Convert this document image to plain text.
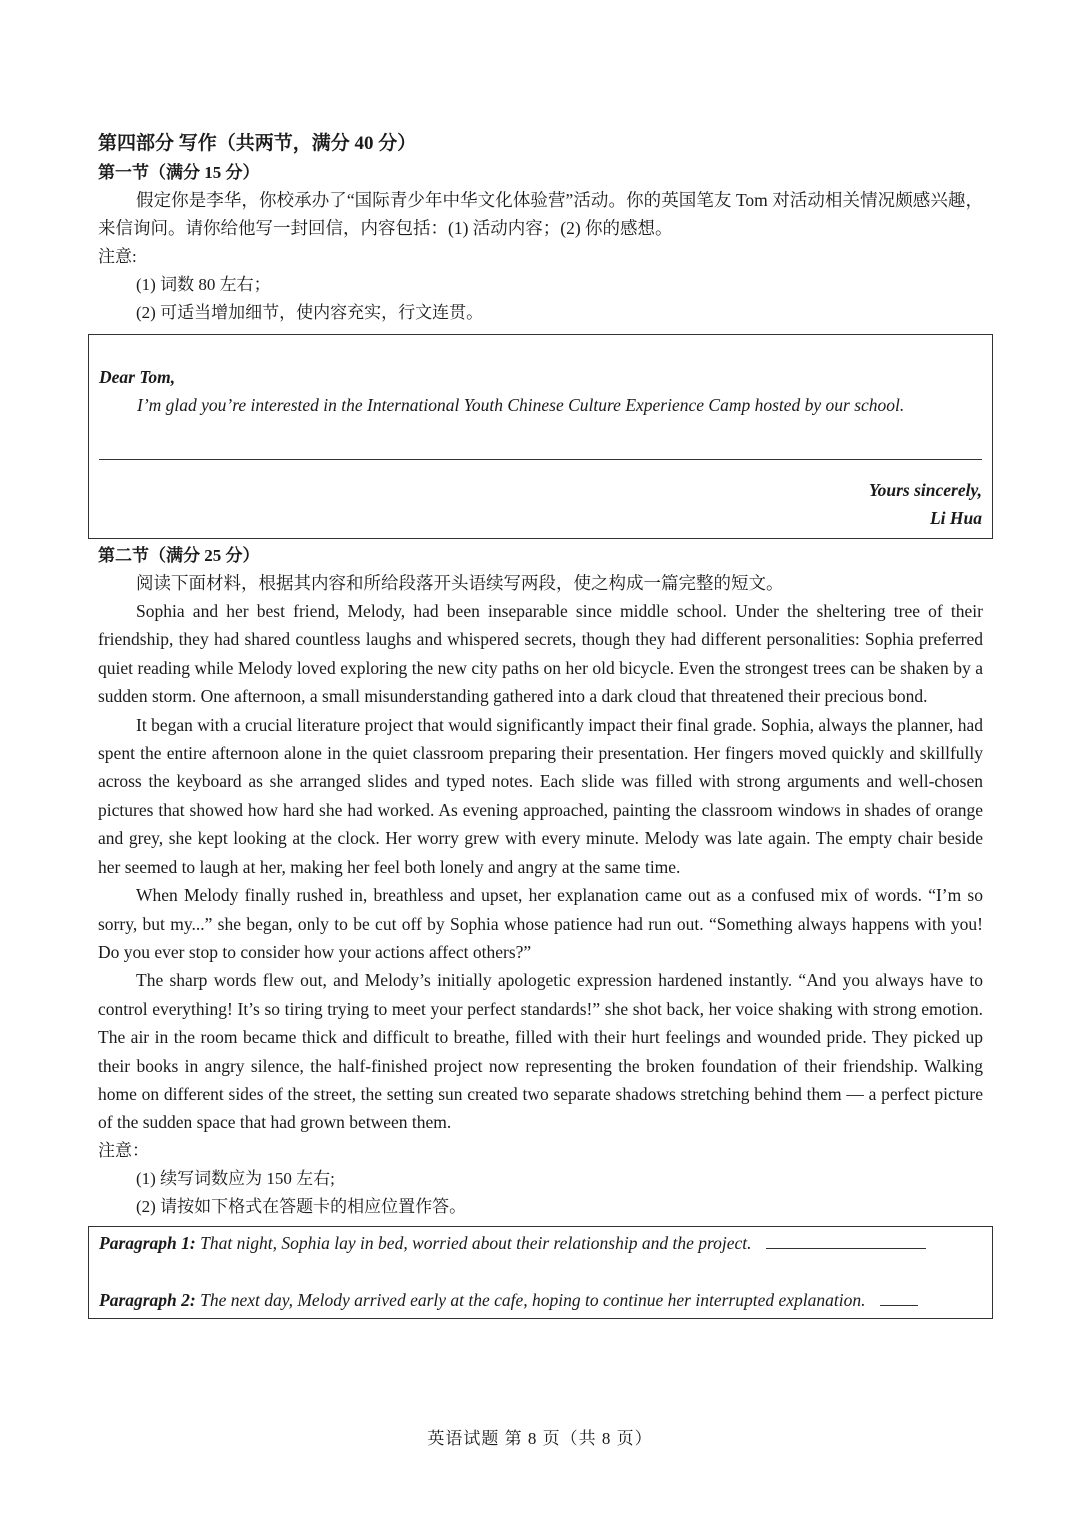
第四部分 写作（共两节，满分 40 分）
第一节（满分 15 分）

假定你是李华，你校承办了“国际青少年中华文化体验营”活动。你的英国笔友 Tom 对活动相关情况颇感兴趣，来信询问。请你给他写一封回信，内容包括：(1) 活动内容；(2) 你的感想。

注意:
(1) 词数 80 左右；
(2) 可适当增加细节，使内容充实，行文连贯。
Dear Tom,
I’m glad you’re interested in the International Youth Chinese Culture Experience Camp hosted by our school.
Yours sincerely,
Li Hua
第二节（满分 25 分）

阅读下面材料，根据其内容和所给段落开头语续写两段，使之构成一篇完整的短文。

Sophia and her best friend, Melody, had been inseparable since middle school. Under the sheltering tree of their friendship, they had shared countless laughs and whispered secrets, though they had different personalities: Sophia preferred quiet reading while Melody loved exploring the new city paths on her old bicycle. Even the strongest trees can be shaken by a sudden storm. One afternoon, a small misunderstanding gathered into a dark cloud that threatened their precious bond.

It began with a crucial literature project that would significantly impact their final grade. Sophia, always the planner, had spent the entire afternoon alone in the quiet classroom preparing their presentation. Her fingers moved quickly and skillfully across the keyboard as she arranged slides and typed notes. Each slide was filled with strong arguments and well-chosen pictures that showed how hard she had worked. As evening approached, painting the classroom windows in shades of orange and grey, she kept looking at the clock. Her worry grew with every minute. Melody was late again. The empty chair beside her seemed to laugh at her, making her feel both lonely and angry at the same time.

When Melody finally rushed in, breathless and upset, her explanation came out as a confused mix of words. “I’m so sorry, but my...” she began, only to be cut off by Sophia whose patience had run out. “Something always happens with you! Do you ever stop to consider how your actions affect others?”

The sharp words flew out, and Melody’s initially apologetic expression hardened instantly. “And you always have to control everything! It’s so tiring trying to meet your perfect standards!” she shot back, her voice shaking with strong emotion. The air in the room became thick and difficult to breathe, filled with their hurt feelings and wounded pride. They picked up their books in angry silence, the half-finished project now representing the broken foundation of their friendship. Walking home on different sides of the street, the setting sun created two separate shadows stretching behind them — a perfect picture of the sudden space that had grown between them.

注意：
(1) 续写词数应为 150 左右;
(2) 请按如下格式在答题卡的相应位置作答。
Paragraph 1: That night, Sophia lay in bed, worried about their relationship and the project.
Paragraph 2: The next day, Melody arrived early at the cafe, hoping to continue her interrupted explanation.
英语试题 第 8 页（共 8 页）
